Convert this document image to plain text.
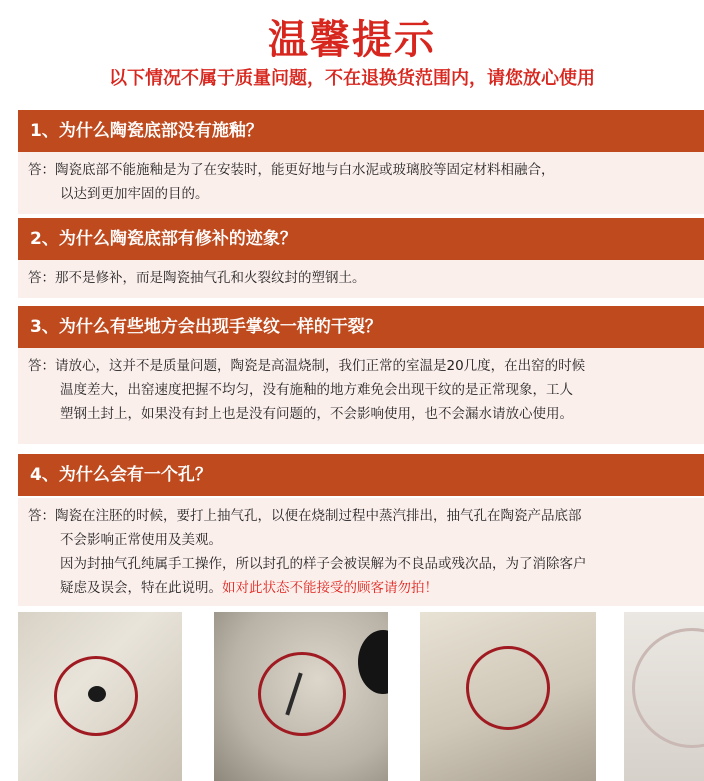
温馨提示
以下情况不属于质量问题，不在退换货范围内，请您放心使用
1、为什么陶瓷底部没有施釉？
答：陶瓷底部不能施釉是为了在安装时，能更好地与白水泥或玻璃胶等固定材料相融合，
以达到更加牢固的目的。
2、为什么陶瓷底部有修补的迹象？
答：那不是修补，而是陶瓷抽气孔和火裂纹封的塑钢土。
3、为什么有些地方会出现手掌纹一样的干裂？
答：请放心，这并不是质量问题，陶瓷是高温烧制，我们正常的室温是20几度，在出窑的时候
温度差大，出窑速度把握不均匀，没有施釉的地方难免会出现干纹的是正常现象，工人
塑钢土封上，如果没有封上也是没有问题的，不会影响使用，也不会漏水请放心使用。
4、为什么会有一个孔？
答：陶瓷在注胚的时候，要打上抽气孔，以便在烧制过程中蒸汽排出，抽气孔在陶瓷产品底部
不会影响正常使用及美观。
因为封抽气孔纯属手工操作，所以封孔的样子会被误解为不良品或残次品，为了消除客户
疑虑及误会，特在此说明。如对此状态不能接受的顾客请勿拍！
